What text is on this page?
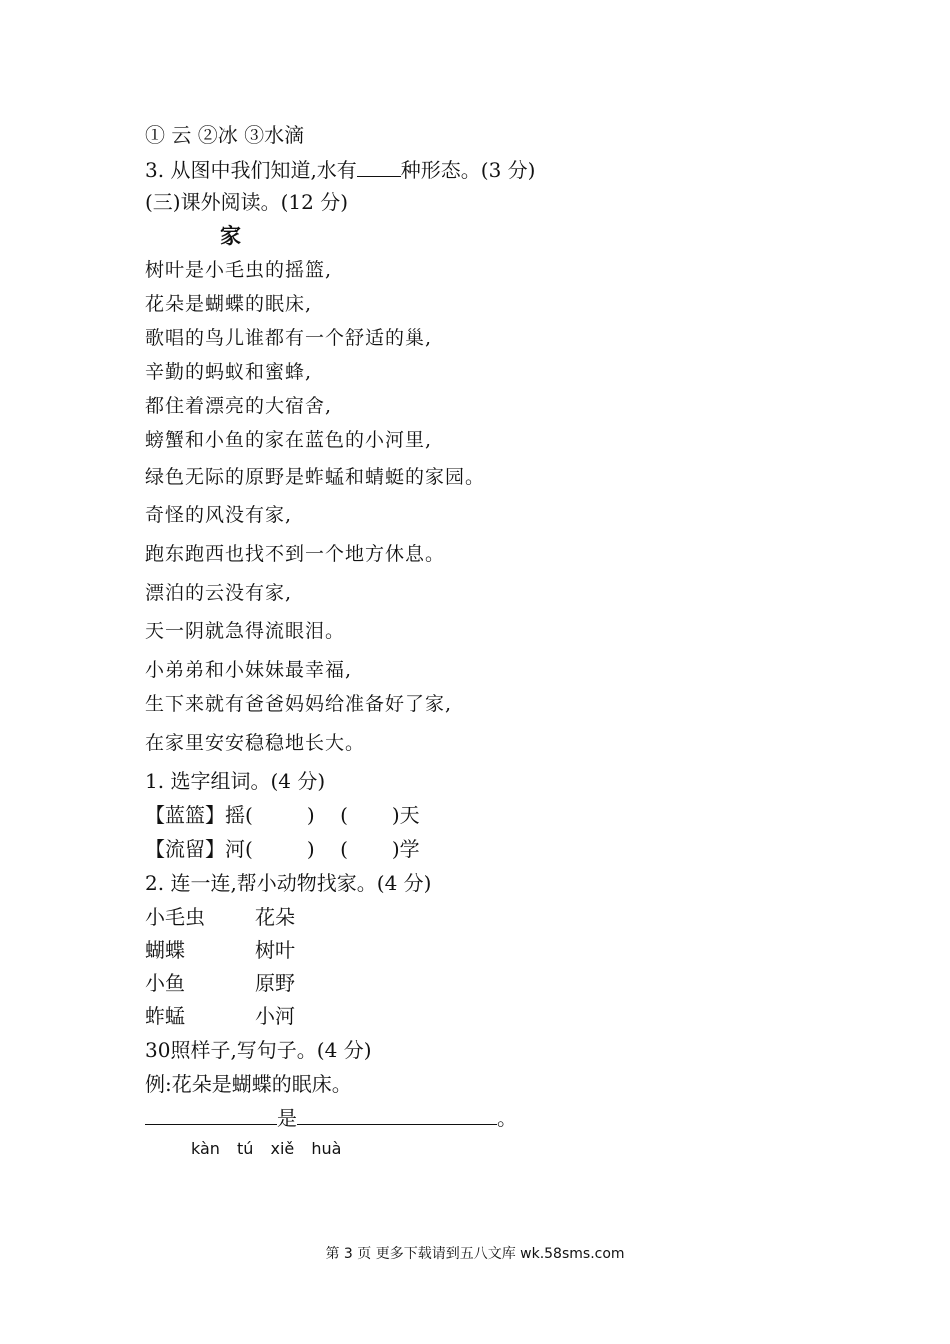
① 云 ②冰 ③水滴
3. 从图中我们知道,水有 种形态。(3 分)
(三)课外阅读。(12 分)
家
树叶是小毛虫的摇篮,
花朵是蝴蝶的眠床,
歌唱的鸟儿谁都有一个舒适的巢,
辛勤的蚂蚁和蜜蜂,
都住着漂亮的大宿舍,
螃蟹和小鱼的家在蓝色的小河里,
绿色无际的原野是蚱蜢和蜻蜓的家园。
奇怪的风没有家,
跑东跑西也找不到一个地方休息。
漂泊的云没有家,
天一阴就急得流眼泪。
小弟弟和小妹妹最幸福,
生下来就有爸爸妈妈给准备好了家,
在家里安安稳稳地长大。
1. 选字组词。(4 分)
【蓝篮】摇(	) ( )天
【流留】河(	) ( )学
2. 连一连,帮小动物找家。(4 分)
小毛虫	花朵
蝴蝶	树叶
小鱼	原野
蚱蜢	小河
30照样子,写句子。(4 分)
例:花朵是蝴蝶的眠床。
是	。
kàn tú xiě huà
第 3 页 更多下载请到五八文库 wk.58sms.com
